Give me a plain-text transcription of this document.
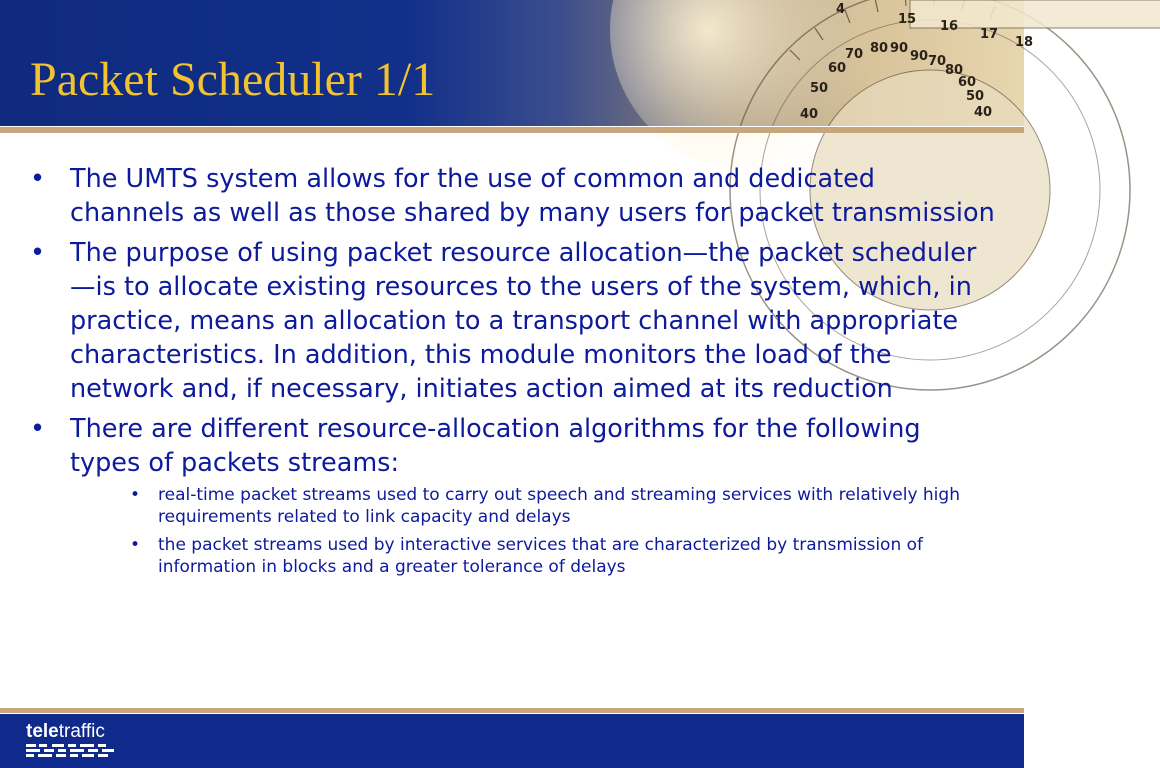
4
15 16
17
18
90
80
70
60
50
40
70
80
90
60
50
40
Packet Scheduler 1/1
• The UMTS system allows for the use of common and dedicated channels as well as those shared by many users for packet transmission
• The purpose of using packet resource allocation—the packet scheduler—is to allocate existing resources to the users of the system, which, in practice, means an allocation to a transport channel with appropriate characteristics. In addition, this module monitors the load of the network and, if necessary, initiates action aimed at its reduction
• There are different resource-allocation algorithms for the following types of packets streams:
•	real-time packet streams used to carry out speech and streaming services with relatively high requirements related to link capacity and delays
•	the packet streams used by interactive services that are characterized by transmission of information in blocks and a greater tolerance of delays
teletraffic
